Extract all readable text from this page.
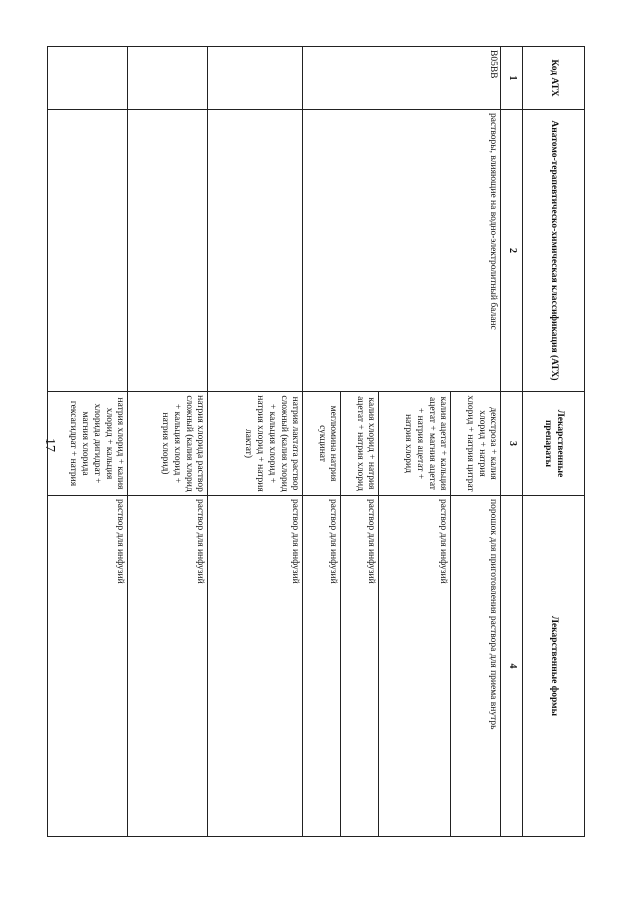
17
Код АТХ	Анатомо-терапевтическо-химическая классификация (АТХ)	Лекарственные препараты	Лекарственные формы
1	2	3	4
B05BB	растворы, влияющие на водно-электролитный баланс	декстроза + калия хлорид + натрия хлорид + натрия цитрат	порошок для приготовления раствора для приема внутрь
		калия ацетат + кальция ацетат + магния ацетат + натрия ацетат + натрия хлорид	раствор для инфузий
		калия хлорид + натрия ацетат + натрия хлорид	раствор для инфузий
		меглюмина натрия сукцинат	раствор для инфузий
		натрия лактата раствор сложный (калия хлорид + кальция хлорид + натрия хлорид + натрия лактат)	раствор для инфузий
		натрия хлорида раствор сложный (калия хлорид + кальция хлорид + натрия хлорид)	раствор для инфузий
		натрия хлорид + калия хлорид + кальция хлорида дигидрат + магния хлорида гексагидрат + натрия	раствор для инфузий
